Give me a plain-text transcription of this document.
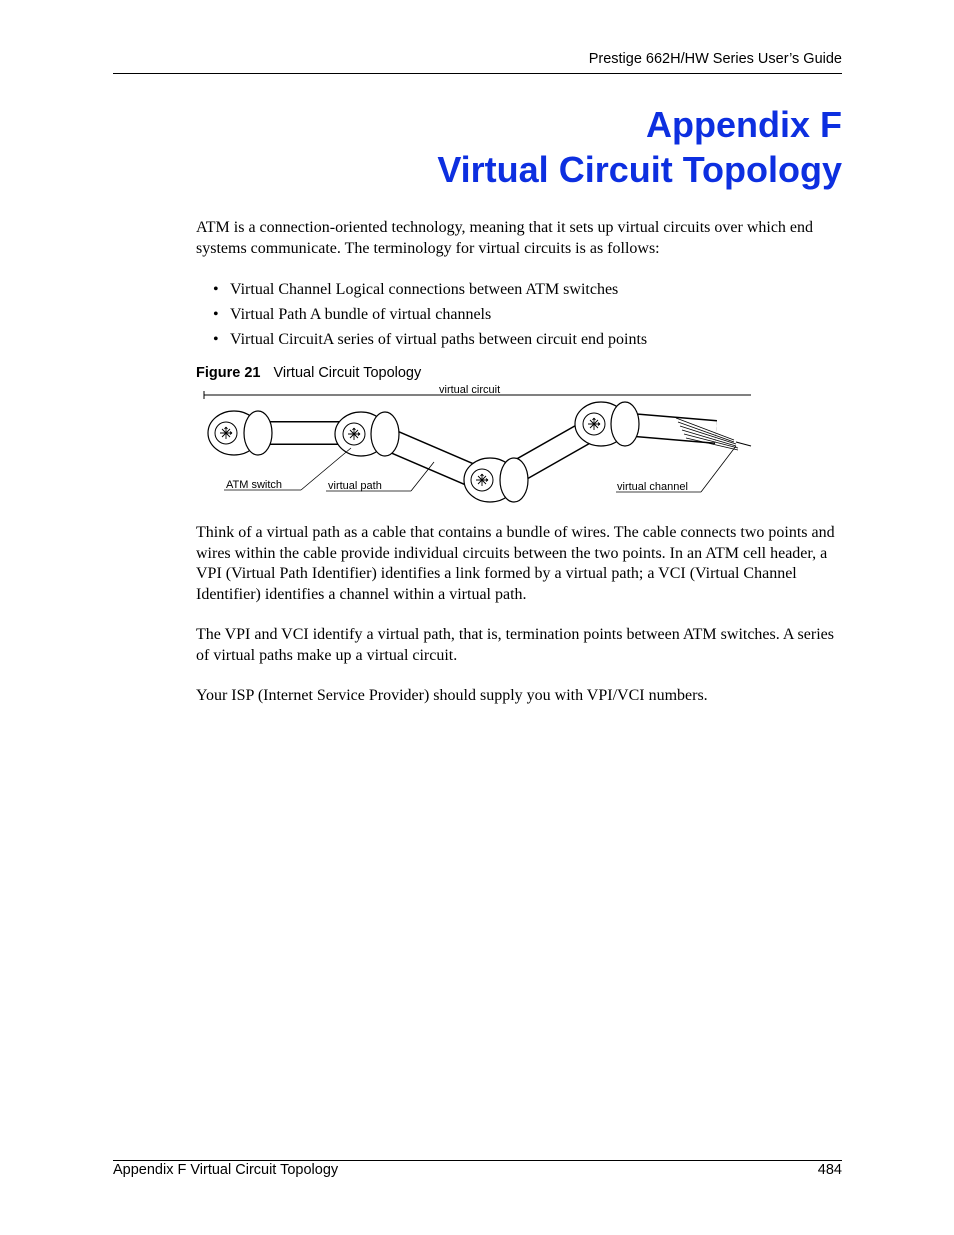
Prestige 662H/HW Series User’s Guide
Appendix F
Virtual Circuit Topology

ATM is a connection-oriented technology, meaning that it sets up virtual circuits over which end systems communicate. The terminology for virtual circuits is as follows:

• Virtual Channel Logical connections between ATM switches
• Virtual Path A bundle of virtual channels
• Virtual CircuitA series of virtual paths between circuit end points
Figure 21 Virtual Circuit Topology
virtual circuit
ATM switch	virtual path	virtual channel

Think of a virtual path as a cable that contains a bundle of wires. The cable connects two points and wires within the cable provide individual circuits between the two points. In an ATM cell header, a VPI (Virtual Path Identifier) identifies a link formed by a virtual path; a VCI (Virtual Channel Identifier) identifies a channel within a virtual path.

The VPI and VCI identify a virtual path, that is, termination points between ATM switches. A series of virtual paths make up a virtual circuit.

Your ISP (Internet Service Provider) should supply you with VPI/VCI numbers.

Appendix F Virtual Circuit Topology	484
